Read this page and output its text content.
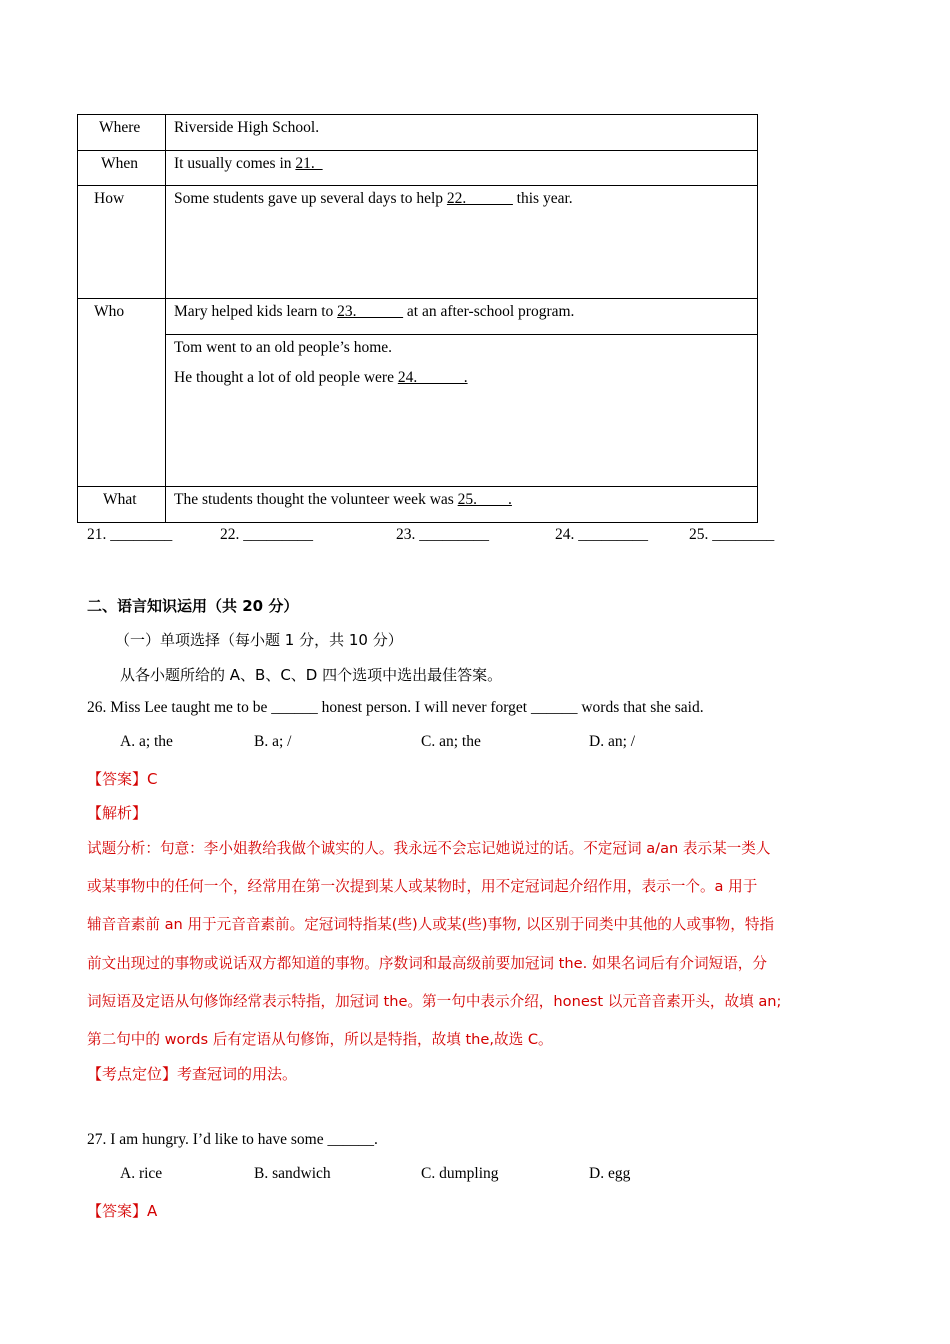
Where	Riverside High School.

When	It usually comes in 21._

How	Some students gave up several days to help 22.______ this year.

Who	Mary helped kids learn to 23.______ at an after-school program.

	Tom went to an old people’s home.
He thought a lot of old people were 24.______.

What	The students thought the volunteer week was 25.____.
21. ________	22. _________	23. _________	24. _________	25. ________
二、语言知识运用（共 20 分）
（一）单项选择（每小题 1 分，共 10 分）
从各小题所给的 A、B、C、D 四个选项中选出最佳答案。
26. Miss Lee taught me to be ______ honest person. I will never forget ______ words that she said.
A. a; the	B. a; /	C. an; the	D. an; /
【答案】C
【解析】
试题分析：句意：李小姐教给我做个诚实的人。我永远不会忘记她说过的话。不定冠词 a/an 表示某一类人
或某事物中的任何一个，经常用在第一次提到某人或某物时，用不定冠词起介绍作用，表示一个。a 用于
辅音音素前 an 用于元音音素前。定冠词特指某(些)人或某(些)事物, 以区别于同类中其他的人或事物，特指
前文出现过的事物或说话双方都知道的事物。序数词和最高级前要加冠词 the. 如果名词后有介词短语，分
词短语及定语从句修饰经常表示特指，加冠词 the。第一句中表示介绍，honest 以元音音素开头，故填 an;
第二句中的 words 后有定语从句修饰，所以是特指，故填 the,故选 C。
【考点定位】考查冠词的用法。
27. I am hungry. I’d like to have some ______.
A. rice	B. sandwich	C. dumpling	D. egg
【答案】A
